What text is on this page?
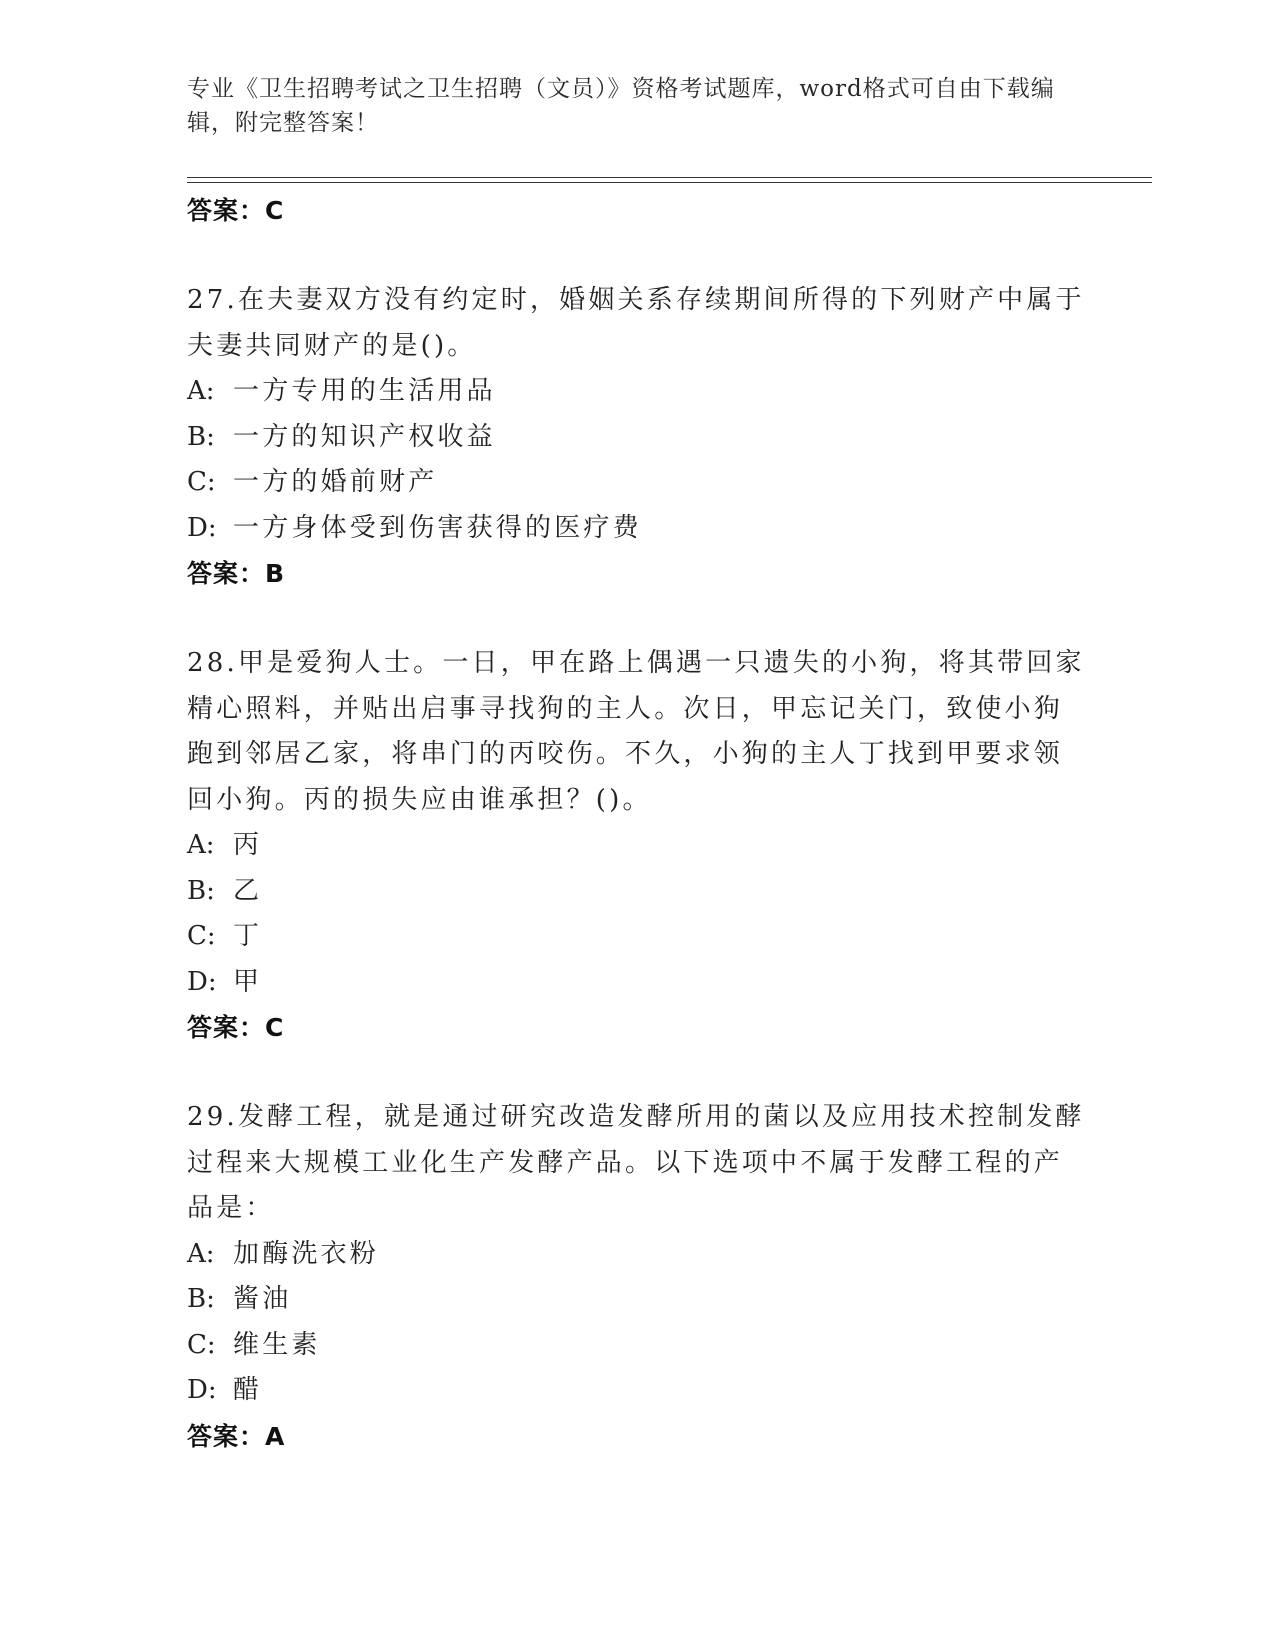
专业《卫生招聘考试之卫生招聘（文员）》资格考试题库，word格式可自由下载编辑，附完整答案！
答案：C
27.在夫妻双方没有约定时，婚姻关系存续期间所得的下列财产中属于夫妻共同财产的是()。
A: 一方专用的生活用品
B: 一方的知识产权收益
C: 一方的婚前财产
D: 一方身体受到伤害获得的医疗费
答案：B
28.甲是爱狗人士。一日，甲在路上偶遇一只遗失的小狗，将其带回家精心照料，并贴出启事寻找狗的主人。次日，甲忘记关门，致使小狗跑到邻居乙家，将串门的丙咬伤。不久，小狗的主人丁找到甲要求领回小狗。丙的损失应由谁承担？()。
A: 丙
B: 乙
C: 丁
D: 甲
答案：C
29.发酵工程，就是通过研究改造发酵所用的菌以及应用技术控制发酵过程来大规模工业化生产发酵产品。以下选项中不属于发酵工程的产品是：
A: 加酶洗衣粉
B: 酱油
C: 维生素
D: 醋
答案：A
